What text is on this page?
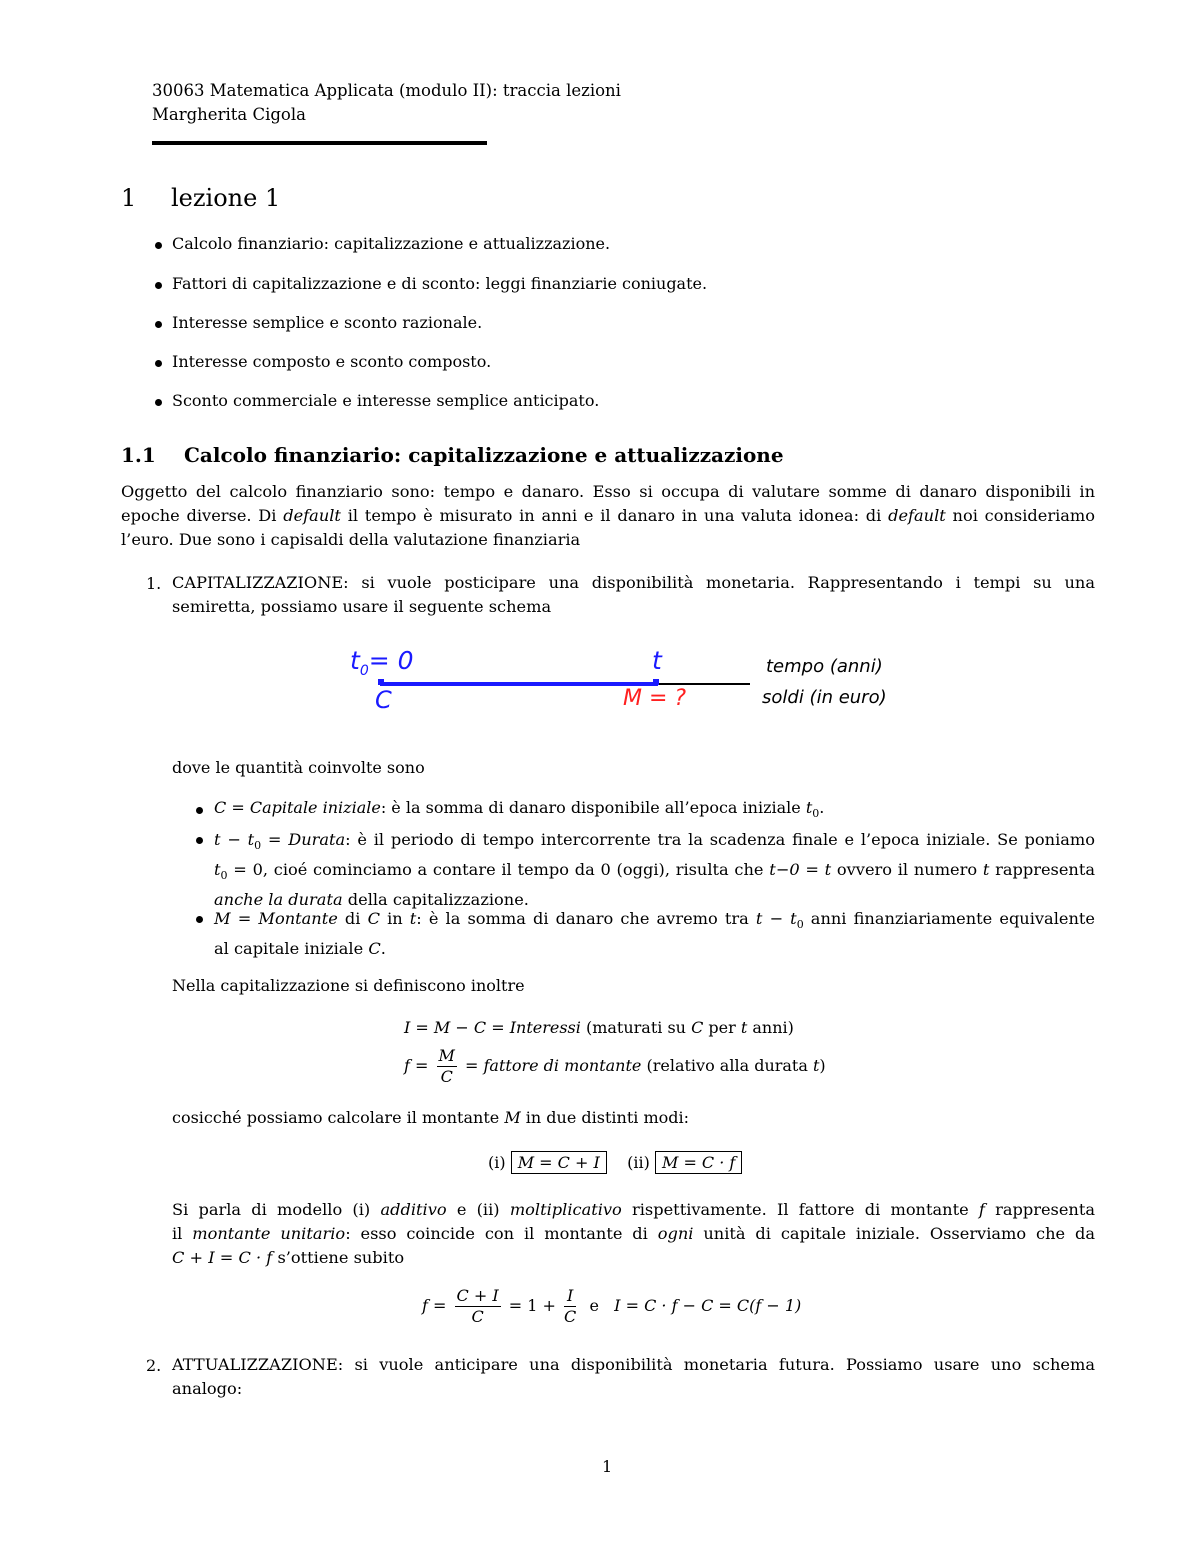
30063 Matematica Applicata (modulo II): traccia lezioni
Margherita Cigola
1 lezione 1
Calcolo finanziario: capitalizzazione e attualizzazione.
Fattori di capitalizzazione e di sconto: leggi finanziarie coniugate.
Interesse semplice e sconto razionale.
Interesse composto e sconto composto.
Sconto commerciale e interesse semplice anticipato.
1.1 Calcolo finanziario: capitalizzazione e attualizzazione
Oggetto del calcolo finanziario sono: tempo e danaro. Esso si occupa di valutare somme di danaro disponibili in
epoche diverse. Di default il tempo è misurato in anni e il danaro in una valuta idonea: di default noi consideriamo
l’euro. Due sono i capisaldi della valutazione finanziaria
1. CAPITALIZZAZIONE: si vuole posticipare una disponibilità monetaria. Rappresentando i tempi su una
semiretta, possiamo usare il seguente schema
$t_0= 0$	t
C	M = ?
tempo (anni)
soldi (in euro)
dove le quantità coinvolte sono
C = Capitale iniziale: è la somma di danaro disponibile all’epoca iniziale $t_0$.
$t - t_0$ = Durata: è il periodo di tempo intercorrente tra la scadenza finale e l’epoca iniziale. Se poniamo
$t_0 = 0$, cioé cominciamo a contare il tempo da 0 (oggi), risulta che t−0 = t ovvero il numero t rappresenta
anche la durata della capitalizzazione.
M = Montante di C in t: è la somma di danaro che avremo tra $t - t_0$ anni finanziariamente equivalente
al capitale iniziale C.
Nella capitalizzazione si definiscono inoltre
I = M − C = Interessi (maturati su C per t anni)
$f = \frac{M}{C}$ = fattore di montante (relativo alla durata t)
cosicché possiamo calcolare il montante M in due distinti modi:
(i) M = C + I (ii) M = C · f
Si parla di modello (i) additivo e (ii) moltiplicativo rispettivamente. Il fattore di montante f rappresenta
il montante unitario: esso coincide con il montante di ogni unità di capitale iniziale. Osserviamo che da
C + I = C · f s’ottiene subito
$f = \frac{C + I}{C} = 1 + \frac{I}{C}$ e I = C · f − C = C(f − 1)
2. ATTUALIZZAZIONE: si vuole anticipare una disponibilità monetaria futura. Possiamo usare uno schema
analogo:
1
